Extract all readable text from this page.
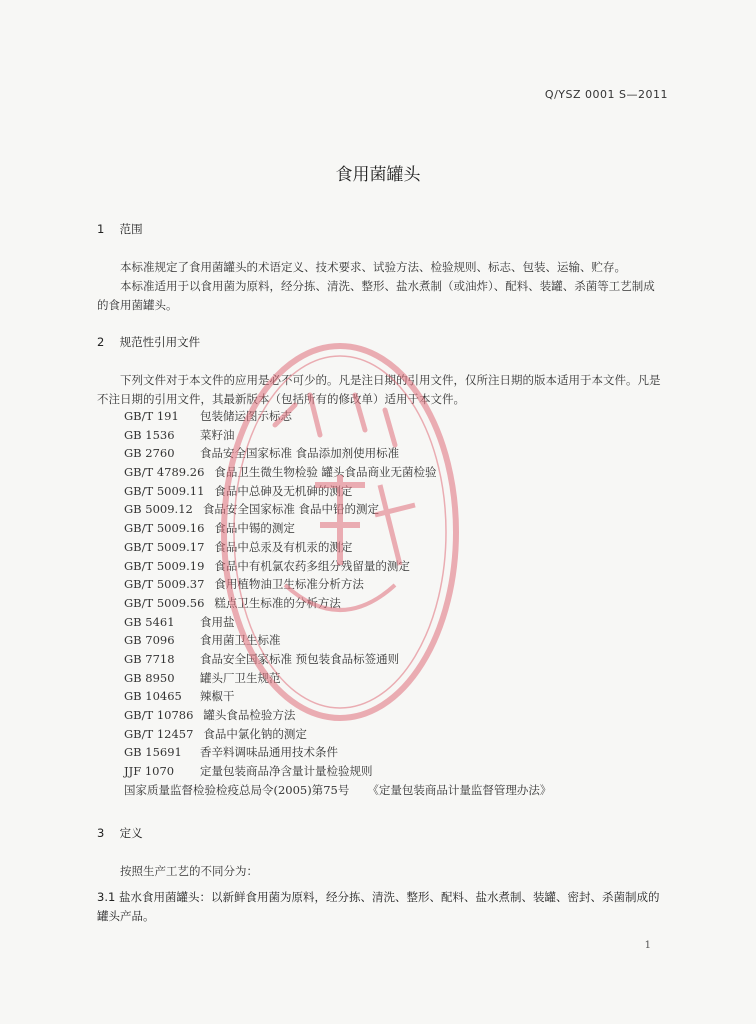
Q/YSZ 0001 S—2011
食用菌罐头
1 范围
本标准规定了食用菌罐头的术语定义、技术要求、试验方法、检验规则、标志、包装、运输、贮存。
本标准适用于以食用菌为原料，经分拣、清洗、整形、盐水煮制（或油炸）、配料、装罐、杀菌等工艺制成的食用菌罐头。
2 规范性引用文件
下列文件对于本文件的应用是必不可少的。凡是注日期的引用文件，仅所注日期的版本适用于本文件。凡是不注日期的引用文件，其最新版本（包括所有的修改单）适用于本文件。
GB/T 191 包装储运图示标志
GB 1536 菜籽油
GB 2760 食品安全国家标准 食品添加剂使用标准
GB/T 4789.26 食品卫生微生物检验 罐头食品商业无菌检验
GB/T 5009.11 食品中总砷及无机砷的测定
GB 5009.12 食品安全国家标准 食品中铅的测定
GB/T 5009.16 食品中锡的测定
GB/T 5009.17 食品中总汞及有机汞的测定
GB/T 5009.19 食品中有机氯农药多组分残留量的测定
GB/T 5009.37 食用植物油卫生标准分析方法
GB/T 5009.56 糕点卫生标准的分析方法
GB 5461 食用盐
GB 7096 食用菌卫生标准
GB 7718 食品安全国家标准 预包装食品标签通则
GB 8950 罐头厂卫生规范
GB 10465 辣椒干
GB/T 10786 罐头食品检验方法
GB/T 12457 食品中氯化钠的测定
GB 15691 香辛料调味品通用技术条件
JJF 1070 定量包装商品净含量计量检验规则
国家质量监督检验检疫总局令(2005)第75号 《定量包装商品计量监督管理办法》
3 定义
按照生产工艺的不同分为：
3.1 盐水食用菌罐头：以新鲜食用菌为原料，经分拣、清洗、整形、配料、盐水煮制、装罐、密封、杀菌制成的罐头产品。
1
